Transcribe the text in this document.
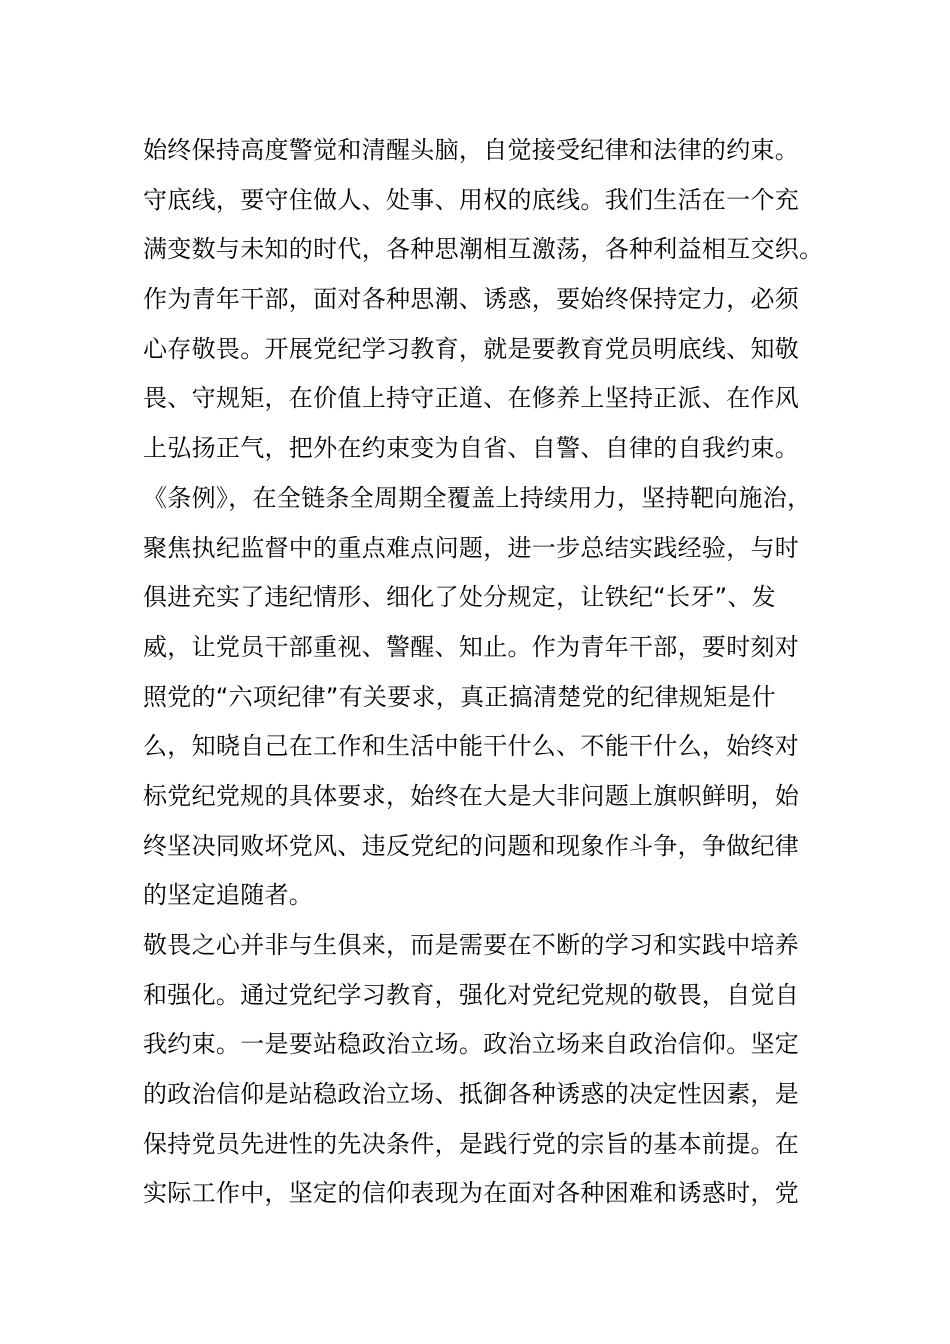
始终保持高度警觉和清醒头脑，自觉接受纪律和法律的约束。
守底线，要守住做人、处事、用权的底线。我们生活在一个充
满变数与未知的时代，各种思潮相互激荡，各种利益相互交织。
作为青年干部，面对各种思潮、诱惑，要始终保持定力，必须
心存敬畏。开展党纪学习教育，就是要教育党员明底线、知敬
畏、守规矩，在价值上持守正道、在修养上坚持正派、在作风
上弘扬正气，把外在约束变为自省、自警、自律的自我约束。
《条例》，在全链条全周期全覆盖上持续用力，坚持靶向施治，
聚焦执纪监督中的重点难点问题，进一步总结实践经验，与时
俱进充实了违纪情形、细化了处分规定，让铁纪“长牙”、发
威，让党员干部重视、警醒、知止。作为青年干部，要时刻对
照党的“六项纪律”有关要求，真正搞清楚党的纪律规矩是什
么，知晓自己在工作和生活中能干什么、不能干什么，始终对
标党纪党规的具体要求，始终在大是大非问题上旗帜鲜明，始
终坚决同败坏党风、违反党纪的问题和现象作斗争，争做纪律
的坚定追随者。
敬畏之心并非与生俱来，而是需要在不断的学习和实践中培养
和强化。通过党纪学习教育，强化对党纪党规的敬畏，自觉自
我约束。一是要站稳政治立场。政治立场来自政治信仰。坚定
的政治信仰是站稳政治立场、抵御各种诱惑的决定性因素，是
保持党员先进性的先决条件，是践行党的宗旨的基本前提。在
实际工作中，坚定的信仰表现为在面对各种困难和诱惑时，党
